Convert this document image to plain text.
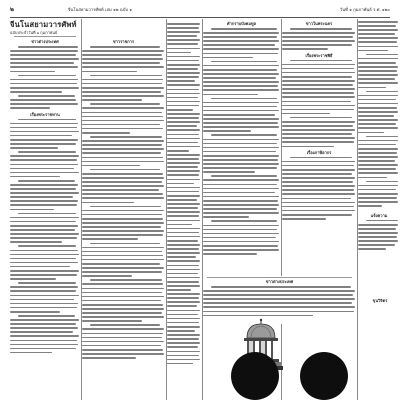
๒	จีนโนสยามวารศัพท์ เล่ม ๑๒ ฉบับ ๑	วันที่ ๑ กุมภาพันธ์ ร.ศ. ๑๒๐
จีนโนสยามวารศัพท์
ฉบับประจำวันที่ ๑ กุมภาพันธ์
ข่าวต่างประเทศ
เรื่องพระราชทาน
ข่าวราชการ
คำกราบบังคมทูล	ข่าวในพระนคร
เรื่องพระราชพิธี
เรื่องภาษีอากร
แจ้งความ
ข่าวต่างประเทศ
ขุนวิจิตร
